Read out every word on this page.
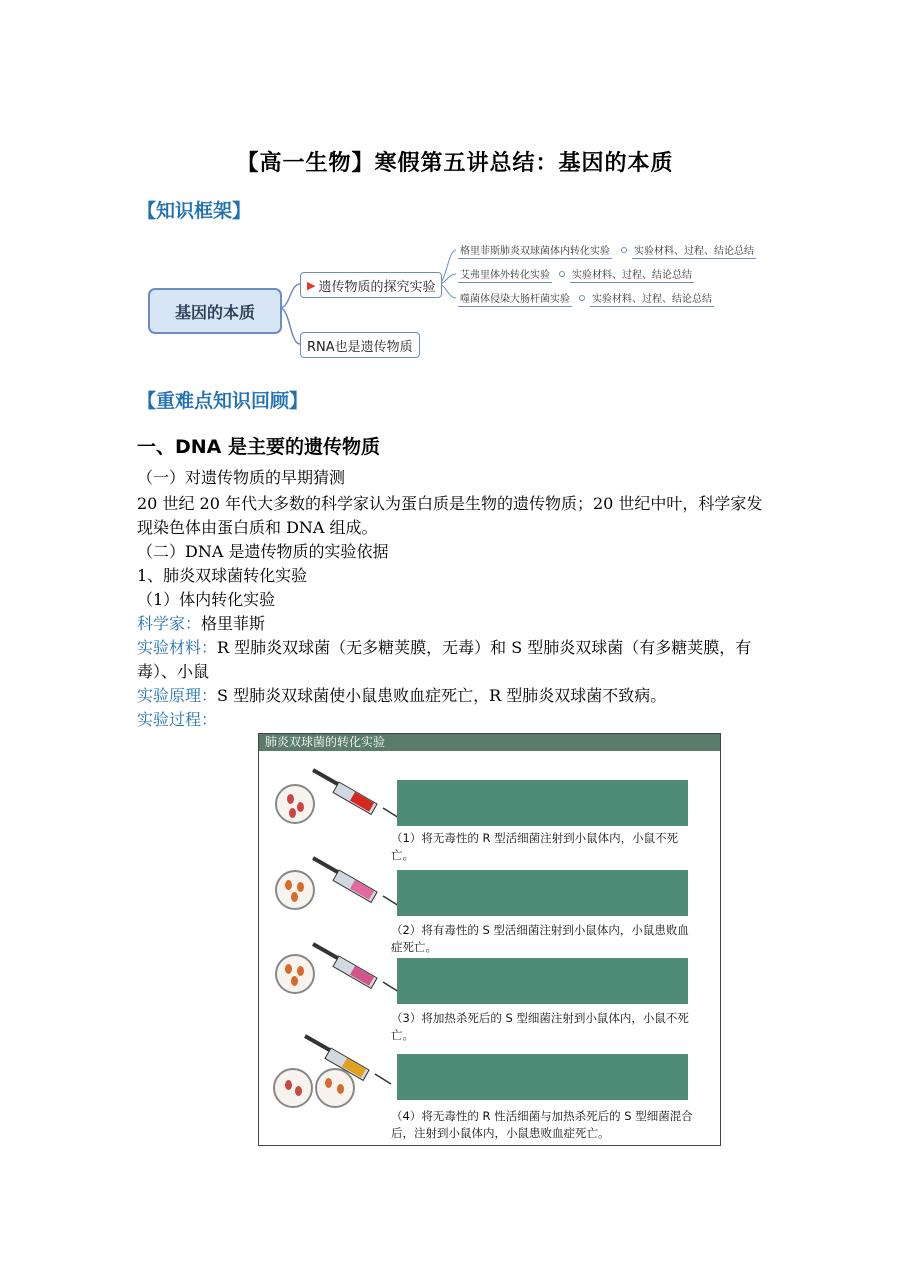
【高一生物】寒假第五讲总结：基因的本质
【知识框架】
基因的本质
▶ 遗传物质的探究实验
RNA也是遗传物质
格里菲斯肺炎双球菌体内转化实验 实验材料、过程、结论总结
艾弗里体外转化实验 实验材料、过程、结论总结
噬菌体侵染大肠杆菌实验 实验材料、过程、结论总结
【重难点知识回顾】
一、DNA 是主要的遗传物质
（一）对遗传物质的早期猜测
20 世纪 20 年代大多数的科学家认为蛋白质是生物的遗传物质；20 世纪中叶，科学家发现染色体由蛋白质和 DNA 组成。
（二）DNA 是遗传物质的实验依据
1、肺炎双球菌转化实验
（1）体内转化实验
科学家：格里菲斯
实验材料：R 型肺炎双球菌（无多糖荚膜，无毒）和 S 型肺炎双球菌（有多糖荚膜，有毒）、小鼠
实验原理：S 型肺炎双球菌使小鼠患败血症死亡，R 型肺炎双球菌不致病。
实验过程：
肺炎双球菌的转化实验
（1）将无毒性的 R 型活细菌注射到小鼠体内，小鼠不死亡。
（2）将有毒性的 S 型活细菌注射到小鼠体内，小鼠患败血症死亡。
（3）将加热杀死后的 S 型细菌注射到小鼠体内，小鼠不死亡。
（4）将无毒性的 R 性活细菌与加热杀死后的 S 型细菌混合后，注射到小鼠体内，小鼠患败血症死亡。
